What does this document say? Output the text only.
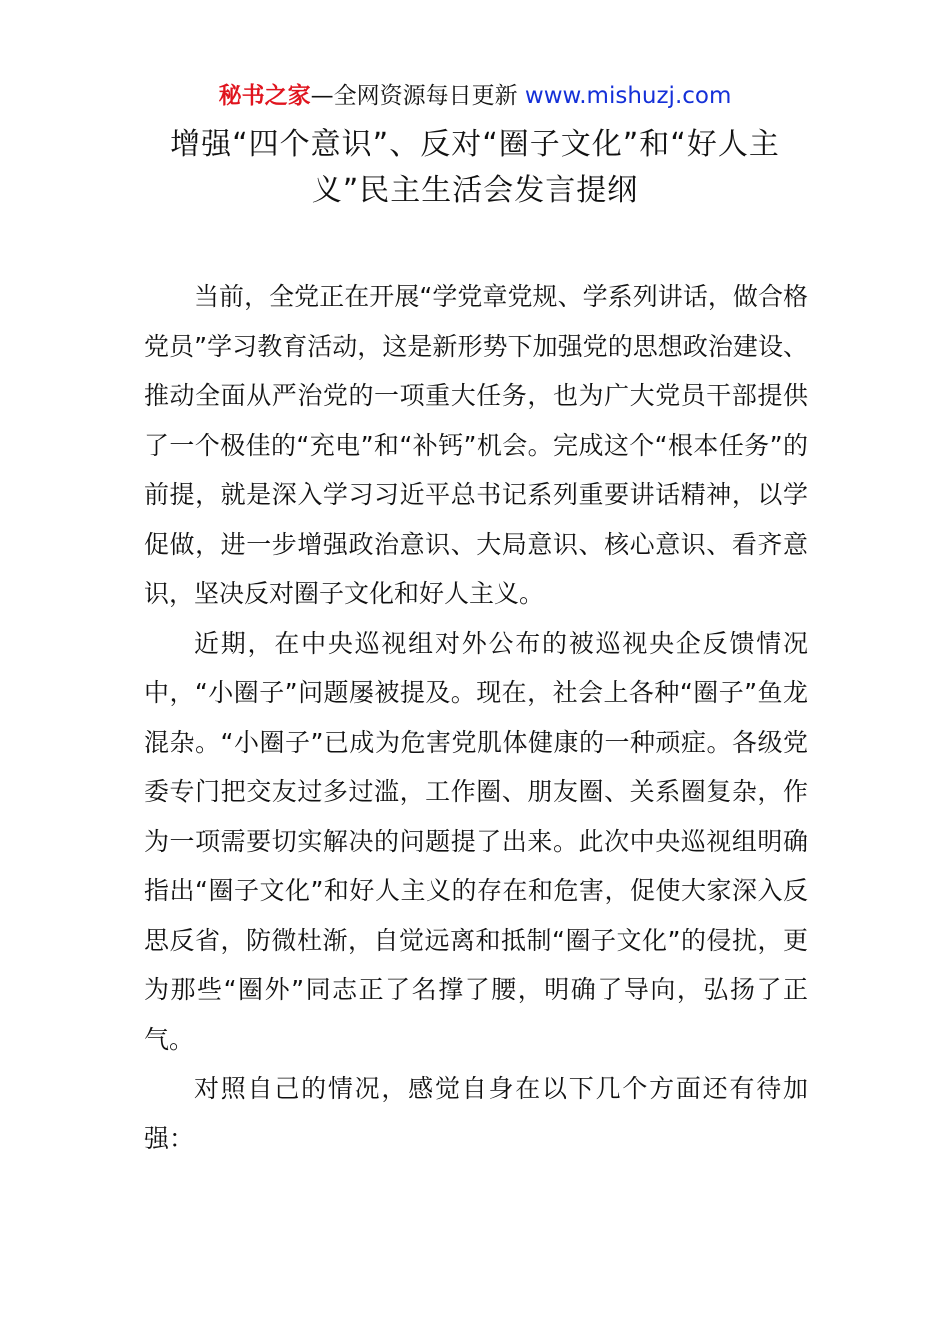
秘书之家—全网资源每日更新 www.mishuzj.com
增强“四个意识”、反对“圈子文化”和“好人主义”民主生活会发言提纲

当前，全党正在开展“学党章党规、学系列讲话，做合格党员”学习教育活动，这是新形势下加强党的思想政治建设、推动全面从严治党的一项重大任务，也为广大党员干部提供了一个极佳的“充电”和“补钙”机会。完成这个“根本任务”的前提，就是深入学习习近平总书记系列重要讲话精神，以学促做，进一步增强政治意识、大局意识、核心意识、看齐意识，坚决反对圈子文化和好人主义。

近期，在中央巡视组对外公布的被巡视央企反馈情况中，“小圈子”问题屡被提及。现在，社会上各种“圈子”鱼龙混杂。“小圈子”已成为危害党肌体健康的一种顽症。各级党委专门把交友过多过滥，工作圈、朋友圈、关系圈复杂，作为一项需要切实解决的问题提了出来。此次中央巡视组明确指出“圈子文化”和好人主义的存在和危害，促使大家深入反思反省，防微杜渐，自觉远离和抵制“圈子文化”的侵扰，更为那些“圈外”同志正了名撑了腰，明确了导向，弘扬了正气。

对照自己的情况，感觉自身在以下几个方面还有待加强：
